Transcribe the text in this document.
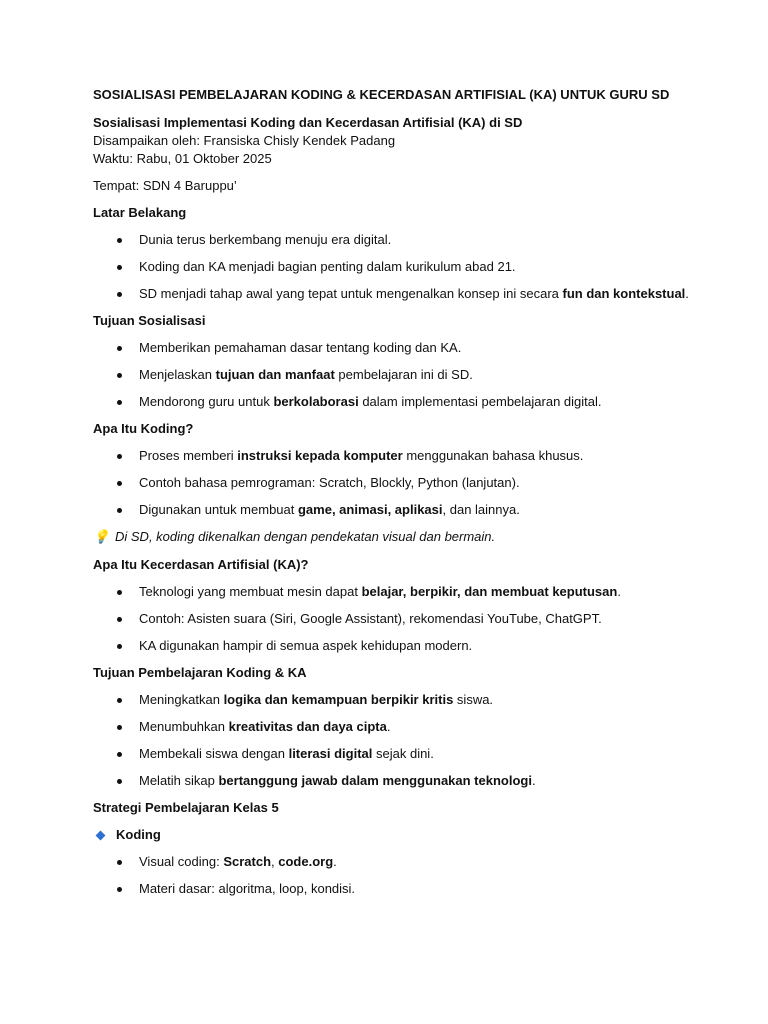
SOSIALISASI PEMBELAJARAN KODING & KECERDASAN ARTIFISIAL (KA) UNTUK GURU SD

Sosialisasi Implementasi Koding dan Kecerdasan Artifisial (KA) di SD

Disampaikan oleh: Fransiska Chisly Kendek Padang

Waktu: Rabu, 01 Oktober 2025

Tempat: SDN 4 Baruppu’

Latar Belakang

Dunia terus berkembang menuju era digital.
Koding dan KA menjadi bagian penting dalam kurikulum abad 21.
SD menjadi tahap awal yang tepat untuk mengenalkan konsep ini secara fun dan kontekstual.

Tujuan Sosialisasi

Memberikan pemahaman dasar tentang koding dan KA.
Menjelaskan tujuan dan manfaat pembelajaran ini di SD.
Mendorong guru untuk berkolaborasi dalam implementasi pembelajaran digital.

Apa Itu Koding?

Proses memberi instruksi kepada komputer menggunakan bahasa khusus.
Contoh bahasa pemrograman: Scratch, Blockly, Python (lanjutan).
Digunakan untuk membuat game, animasi, aplikasi, dan lainnya.
💡 Di SD, koding dikenalkan dengan pendekatan visual dan bermain.

Apa Itu Kecerdasan Artifisial (KA)?

Teknologi yang membuat mesin dapat belajar, berpikir, dan membuat keputusan.
Contoh: Asisten suara (Siri, Google Assistant), rekomendasi YouTube, ChatGPT.
KA digunakan hampir di semua aspek kehidupan modern.

Tujuan Pembelajaran Koding & KA

Meningkatkan logika dan kemampuan berpikir kritis siswa.
Menumbuhkan kreativitas dan daya cipta.
Membekali siswa dengan literasi digital sejak dini.
Melatih sikap bertanggung jawab dalam menggunakan teknologi.

Strategi Pembelajaran Kelas 5

Koding
Visual coding: Scratch, code.org.
Materi dasar: algoritma, loop, kondisi.
